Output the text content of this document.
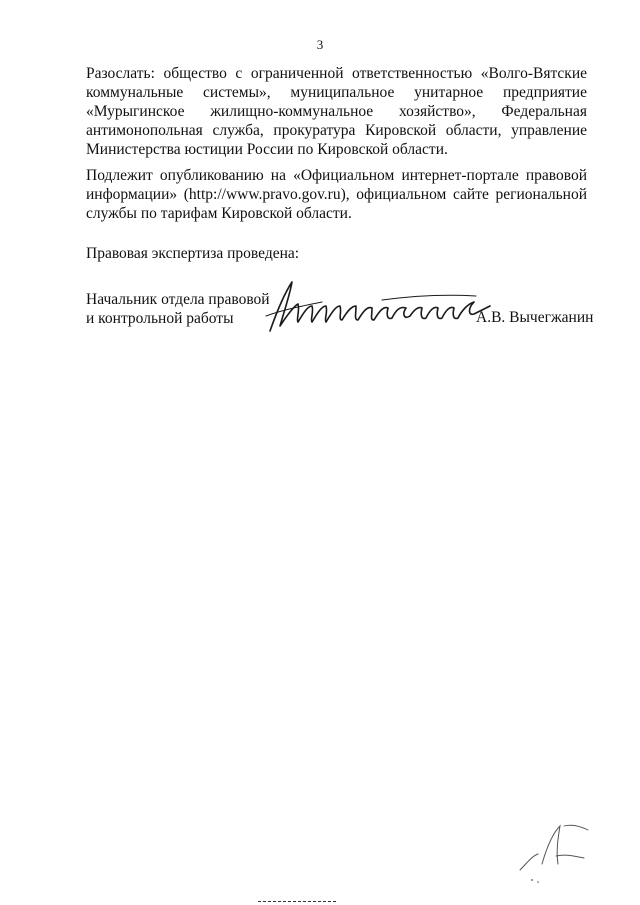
3
Разослать: общество с ограниченной ответственностью «Волго-Вятские
коммунальные системы», муниципальное унитарное предприятие
«Мурыгинское жилищно-коммунальное хозяйство», Федеральная
антимонопольная служба, прокуратура Кировской области, управление
Министерства юстиции России по Кировской области.
Подлежит опубликованию на «Официальном интернет-портале правовой
информации» (http://www.pravo.gov.ru), официальном сайте региональной
службы по тарифам Кировской области.
Правовая экспертиза проведена:
Начальник отдела правовой
и контрольной работы	А.В. Вычегжанин
